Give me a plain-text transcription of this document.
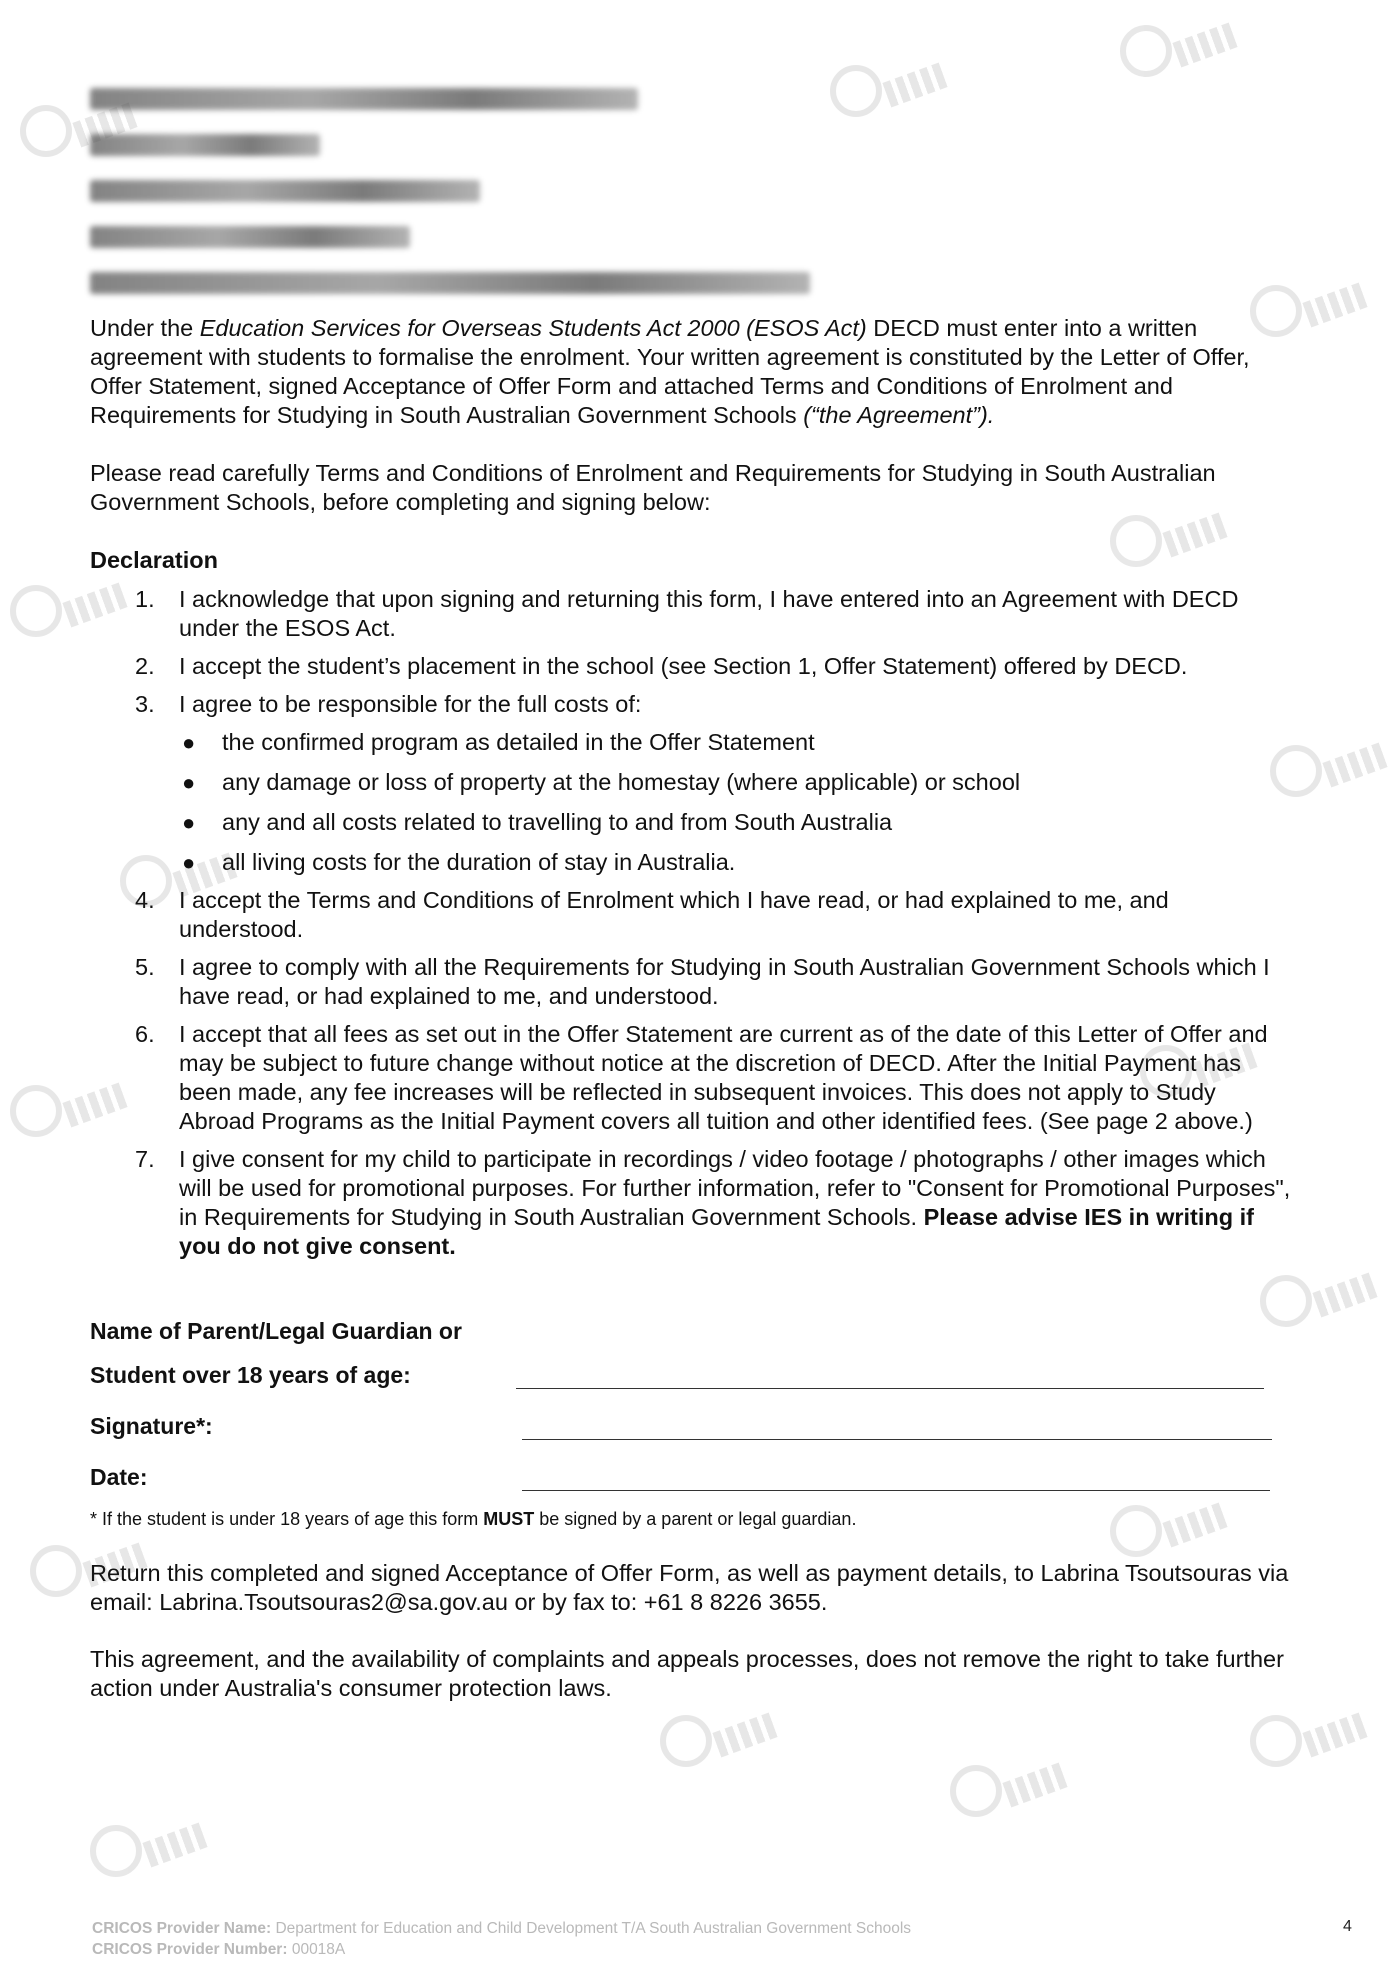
Under the Education Services for Overseas Students Act 2000 (ESOS Act) DECD must enter into a written agreement with students to formalise the enrolment. Your written agreement is constituted by the Letter of Offer, Offer Statement, signed Acceptance of Offer Form and attached Terms and Conditions of Enrolment and Requirements for Studying in South Australian Government Schools (“the Agreement”).

Please read carefully Terms and Conditions of Enrolment and Requirements for Studying in South Australian Government Schools, before completing and signing below:

Declaration

1. I acknowledge that upon signing and returning this form, I have entered into an Agreement with DECD under the ESOS Act.
2. I accept the student’s placement in the school (see Section 1, Offer Statement) offered by DECD.
3. I agree to be responsible for the full costs of:
● the confirmed program as detailed in the Offer Statement
● any damage or loss of property at the homestay (where applicable) or school
● any and all costs related to travelling to and from South Australia
● all living costs for the duration of stay in Australia.
4. I accept the Terms and Conditions of Enrolment which I have read, or had explained to me, and understood.
5. I agree to comply with all the Requirements for Studying in South Australian Government Schools which I have read, or had explained to me, and understood.
6. I accept that all fees as set out in the Offer Statement are current as of the date of this Letter of Offer and may be subject to future change without notice at the discretion of DECD. After the Initial Payment has been made, any fee increases will be reflected in subsequent invoices. This does not apply to Study Abroad Programs as the Initial Payment covers all tuition and other identified fees. (See page 2 above.)
7. I give consent for my child to participate in recordings / video footage / photographs / other images which will be used for promotional purposes. For further information, refer to "Consent for Promotional Purposes", in Requirements for Studying in South Australian Government Schools. Please advise IES in writing if you do not give consent.
Name of Parent/Legal Guardian or
Student over 18 years of age:
Signature*:
Date:
* If the student is under 18 years of age this form MUST be signed by a parent or legal guardian.

Return this completed and signed Acceptance of Offer Form, as well as payment details, to Labrina Tsoutsouras via email: Labrina.Tsoutsouras2@sa.gov.au or by fax to: +61 8 8226 3655.

This agreement, and the availability of complaints and appeals processes, does not remove the right to take further action under Australia's consumer protection laws.

CRICOS Provider Name: Department for Education and Child Development T/A South Australian Government Schools
CRICOS Provider Number: 00018A
4
